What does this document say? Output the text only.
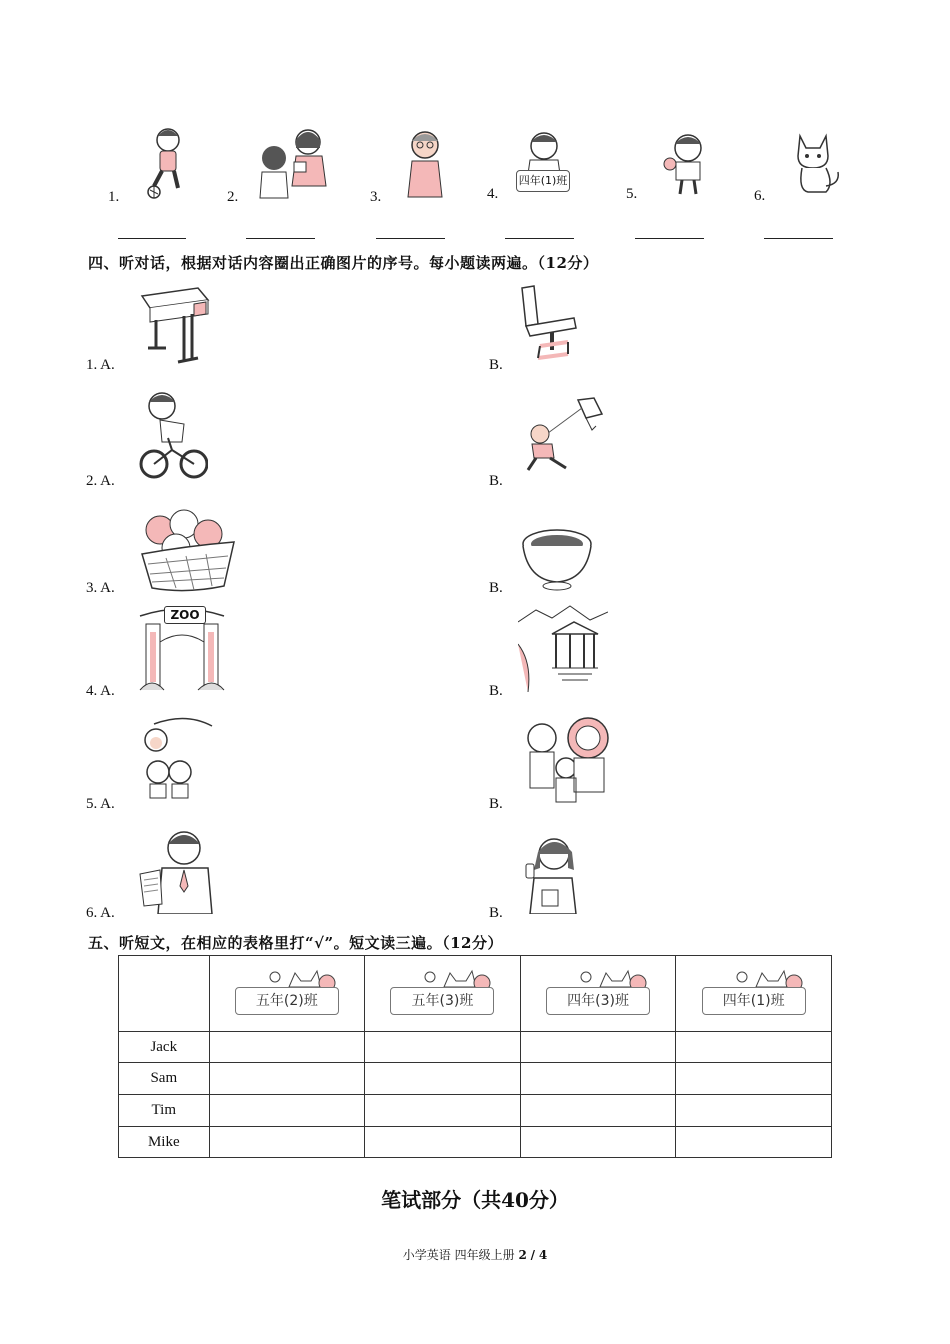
1.	2.	3.	4.
四年(1)班
5.	6.
四、听对话，根据对话内容圈出正确图片的序号。每小题读两遍。（12分）
1. A.	B.
2. A.	B.
3. A.	B.
4. A.
ZOO
B.
5. A.	B.
6. A.	B.
五、听短文，在相应的表格里打“√”。短文读三遍。（12分）

	五年(2)班	五年(3)班	四年(3)班	四年(1)班

Jack				
Sam				
Tim				
Mike				
笔试部分（共40分）
小学英语 四年级上册 2 / 4
